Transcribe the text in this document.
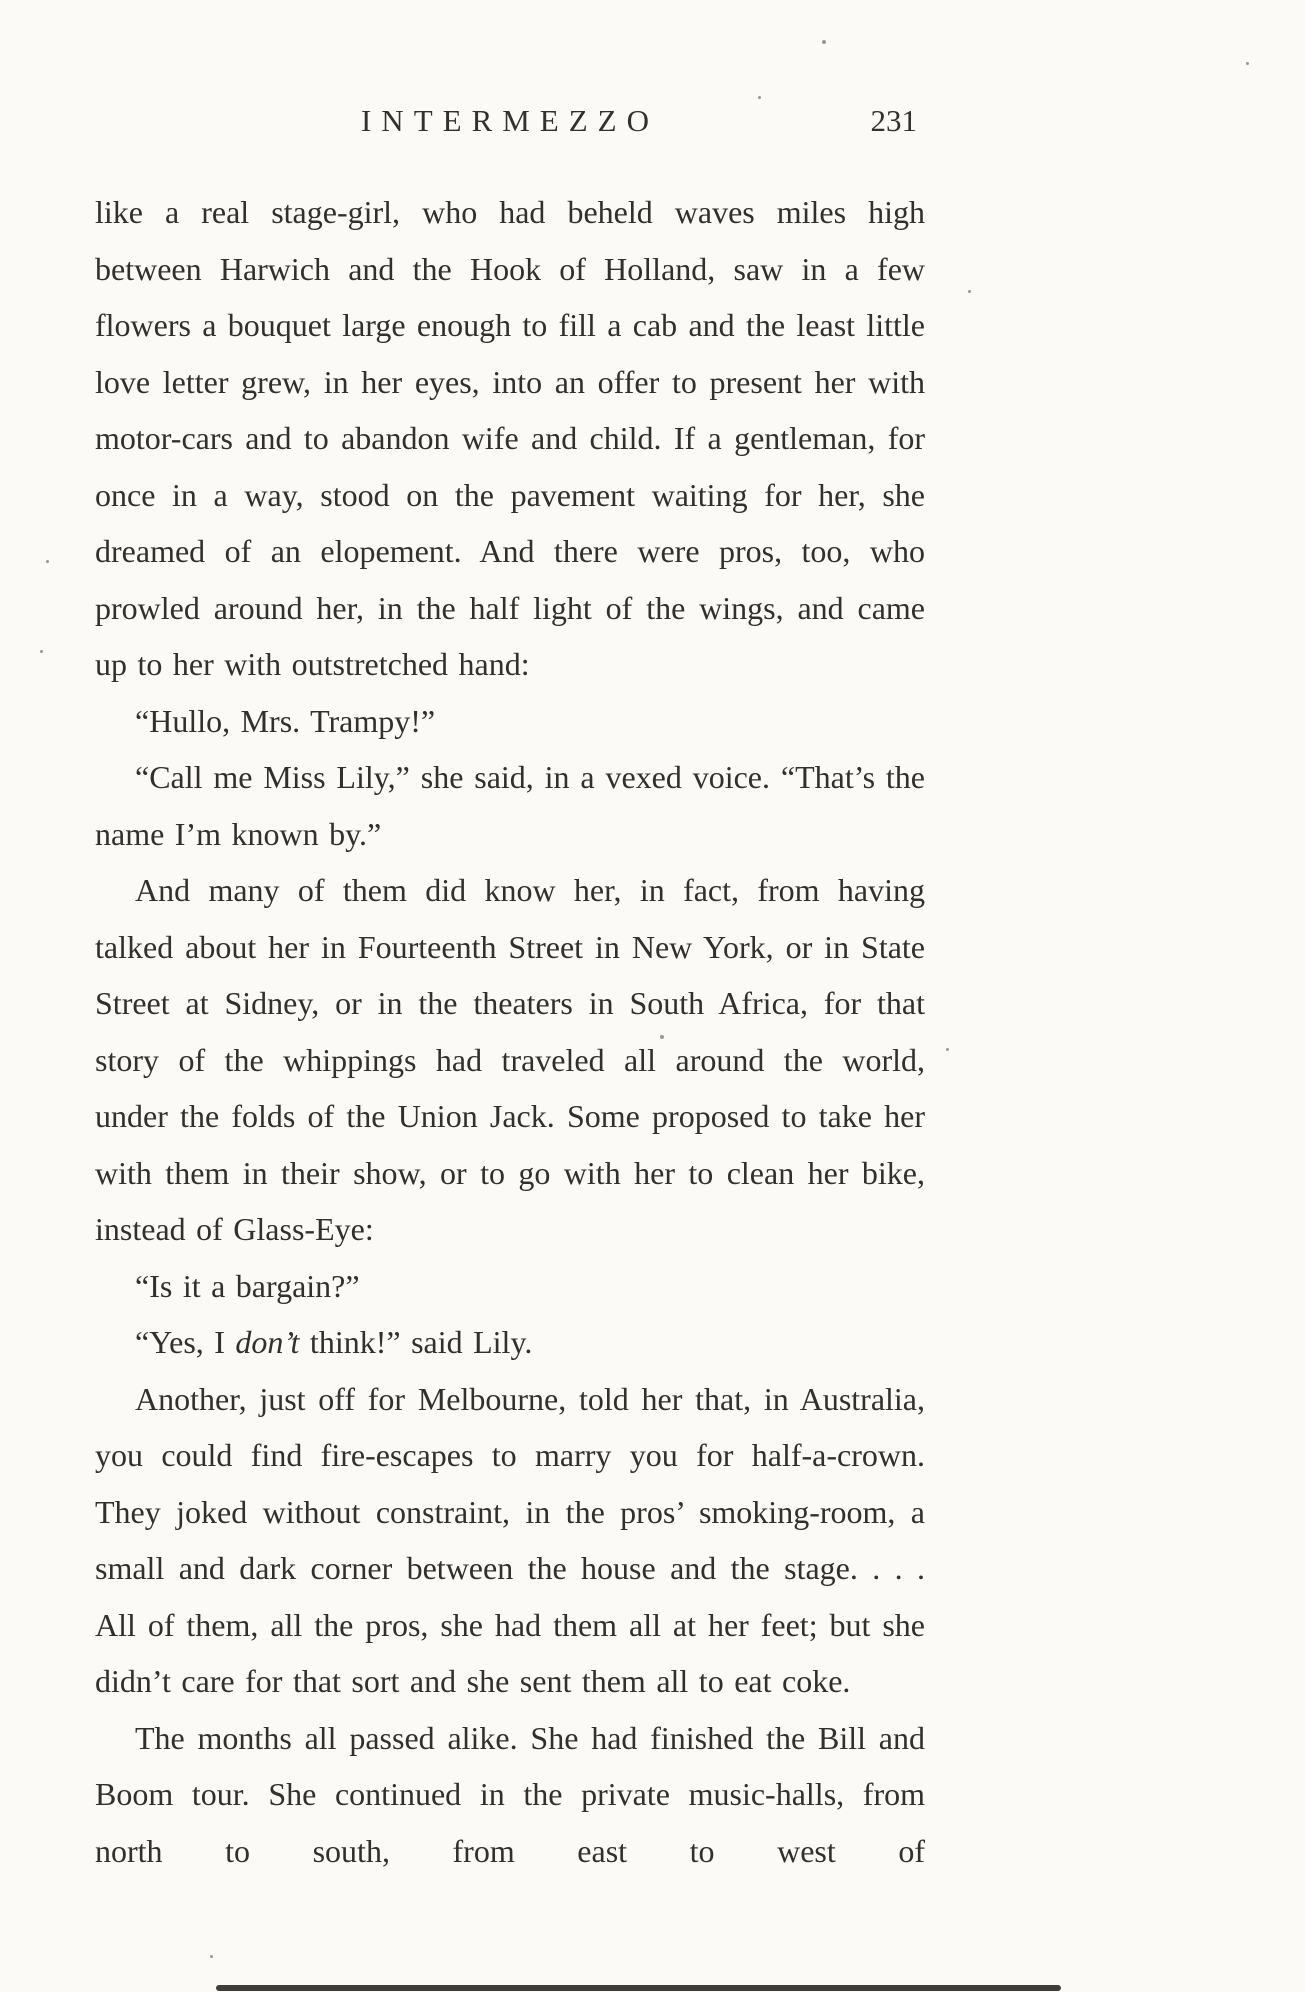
INTERMEZZO	231

like a real stage-girl, who had beheld waves miles high between Harwich and the Hook of Holland, saw in a few flowers a bouquet large enough to fill a cab and the least little love letter grew, in her eyes, into an offer to present her with motor-cars and to abandon wife and child. If a gentleman, for once in a way, stood on the pavement waiting for her, she dreamed of an elopement. And there were pros, too, who prowled around her, in the half light of the wings, and came up to her with outstretched hand:

“Hullo, Mrs. Trampy!”

“Call me Miss Lily,” she said, in a vexed voice. “That’s the name I’m known by.”

And many of them did know her, in fact, from having talked about her in Fourteenth Street in New York, or in State Street at Sidney, or in the theaters in South Africa, for that story of the whippings had traveled all around the world, under the folds of the Union Jack. Some proposed to take her with them in their show, or to go with her to clean her bike, instead of Glass-Eye:

“Is it a bargain?”

“Yes, I don’t think!” said Lily.

Another, just off for Melbourne, told her that, in Australia, you could find fire-escapes to marry you for half-a-crown. They joked without constraint, in the pros’ smoking-room, a small and dark corner between the house and the stage. . . . All of them, all the pros, she had them all at her feet; but she didn’t care for that sort and she sent them all to eat coke.

The months all passed alike. She had finished the Bill and Boom tour. She continued in the private music-halls, from north to south, from east to west of
